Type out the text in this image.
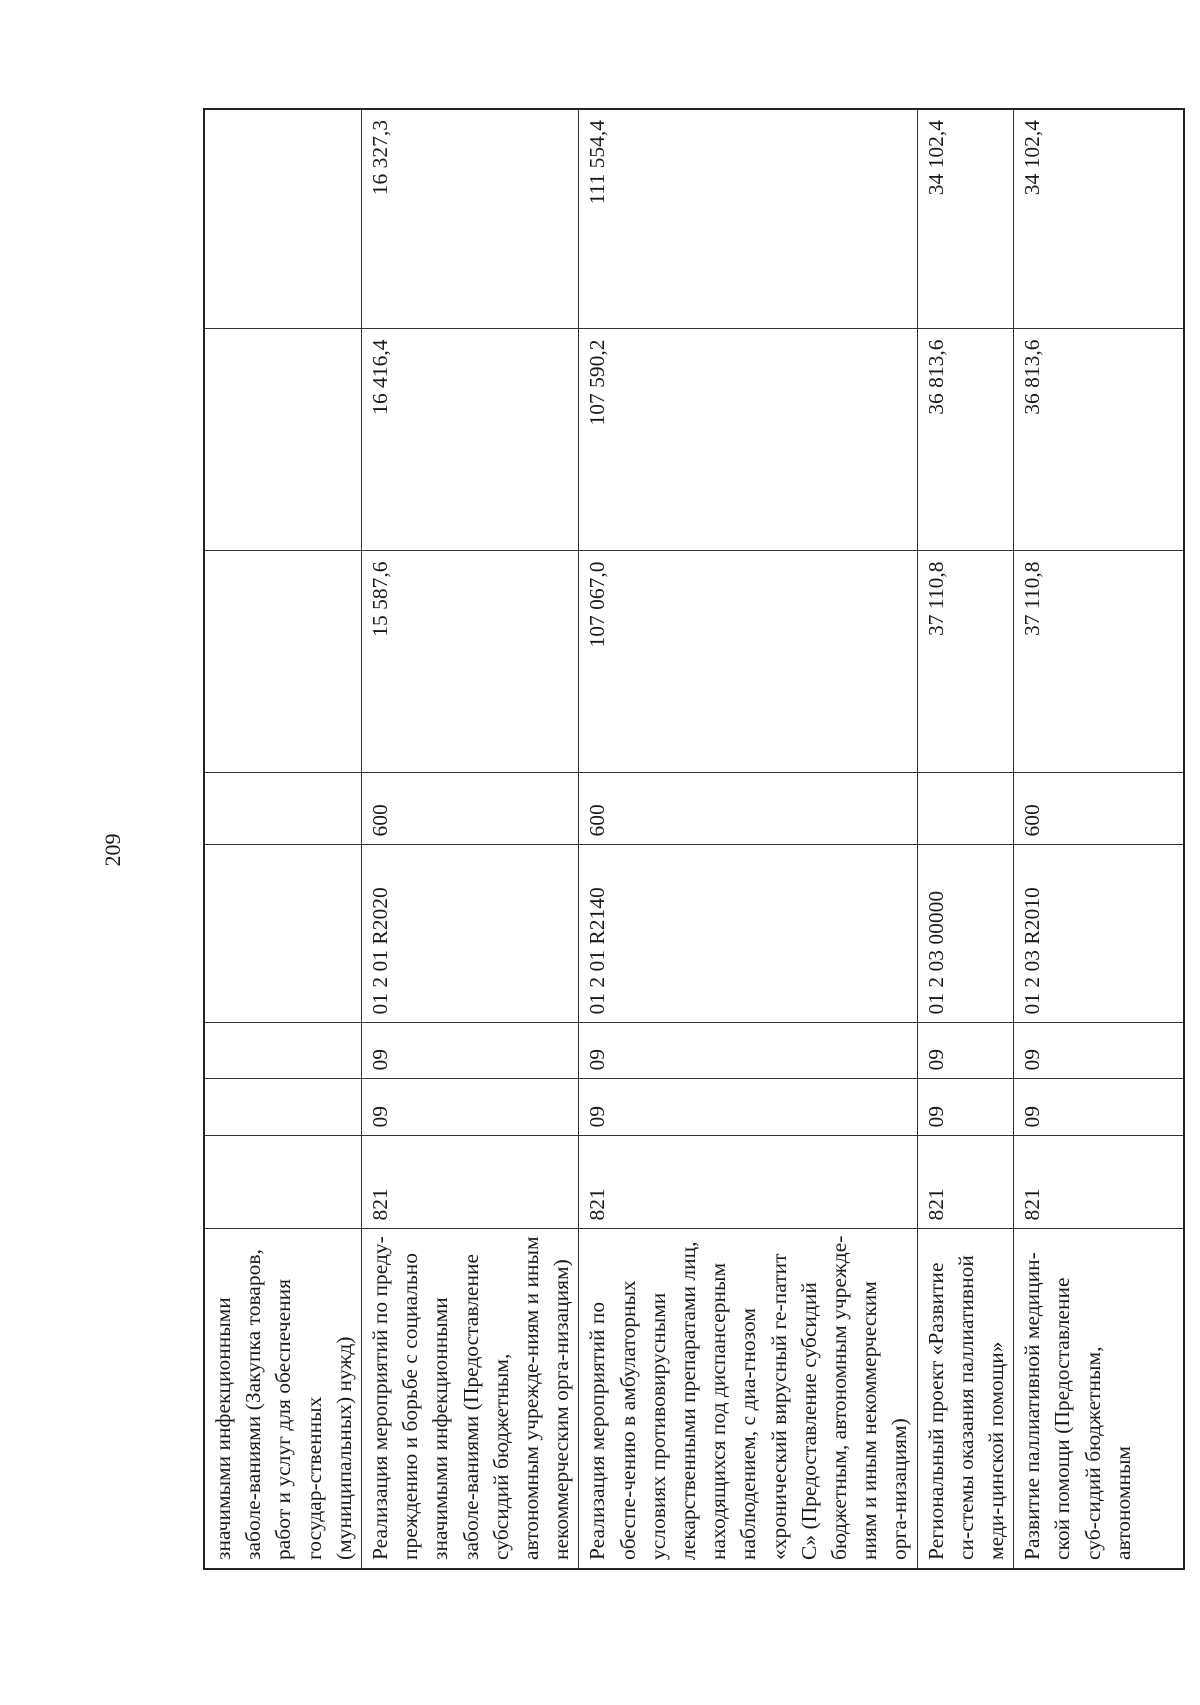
209
значимыми инфекционными заболе-ваниями (Закупка товаров, работ и услуг для обеспечения государ-ственных (муниципальных) нужд)								
Реализация мероприятий по преду-преждению и борьбе с социально значимыми инфекционными заболе-ваниями (Предоставление субсидий бюджетным, автономным учрежде-ниям и иным некоммерческим орга-низациям)	821	09	09	01 2 01 R2020	600	15 587,6	16 416,4	16 327,3
Реализация мероприятий по обеспе-чению в амбулаторных условиях противовирусными лекарственными препаратами лиц, находящихся под диспансерным наблюдением, с диа-гнозом «хронический вирусный ге-патит С» (Предоставление субсидий бюджетным, автономным учрежде-ниям и иным некоммерческим орга-низациям)	821	09	09	01 2 01 R2140	600	107 067,0	107 590,2	111 554,4
Региональный проект «Развитие си-стемы оказания паллиативной меди-цинской помощи»	821	09	09	01 2 03 00000		37 110,8	36 813,6	34 102,4
Развитие паллиативной медицин-ской помощи (Предоставление суб-сидий бюджетным, автономным	821	09	09	01 2 03 R2010	600	37 110,8	36 813,6	34 102,4
